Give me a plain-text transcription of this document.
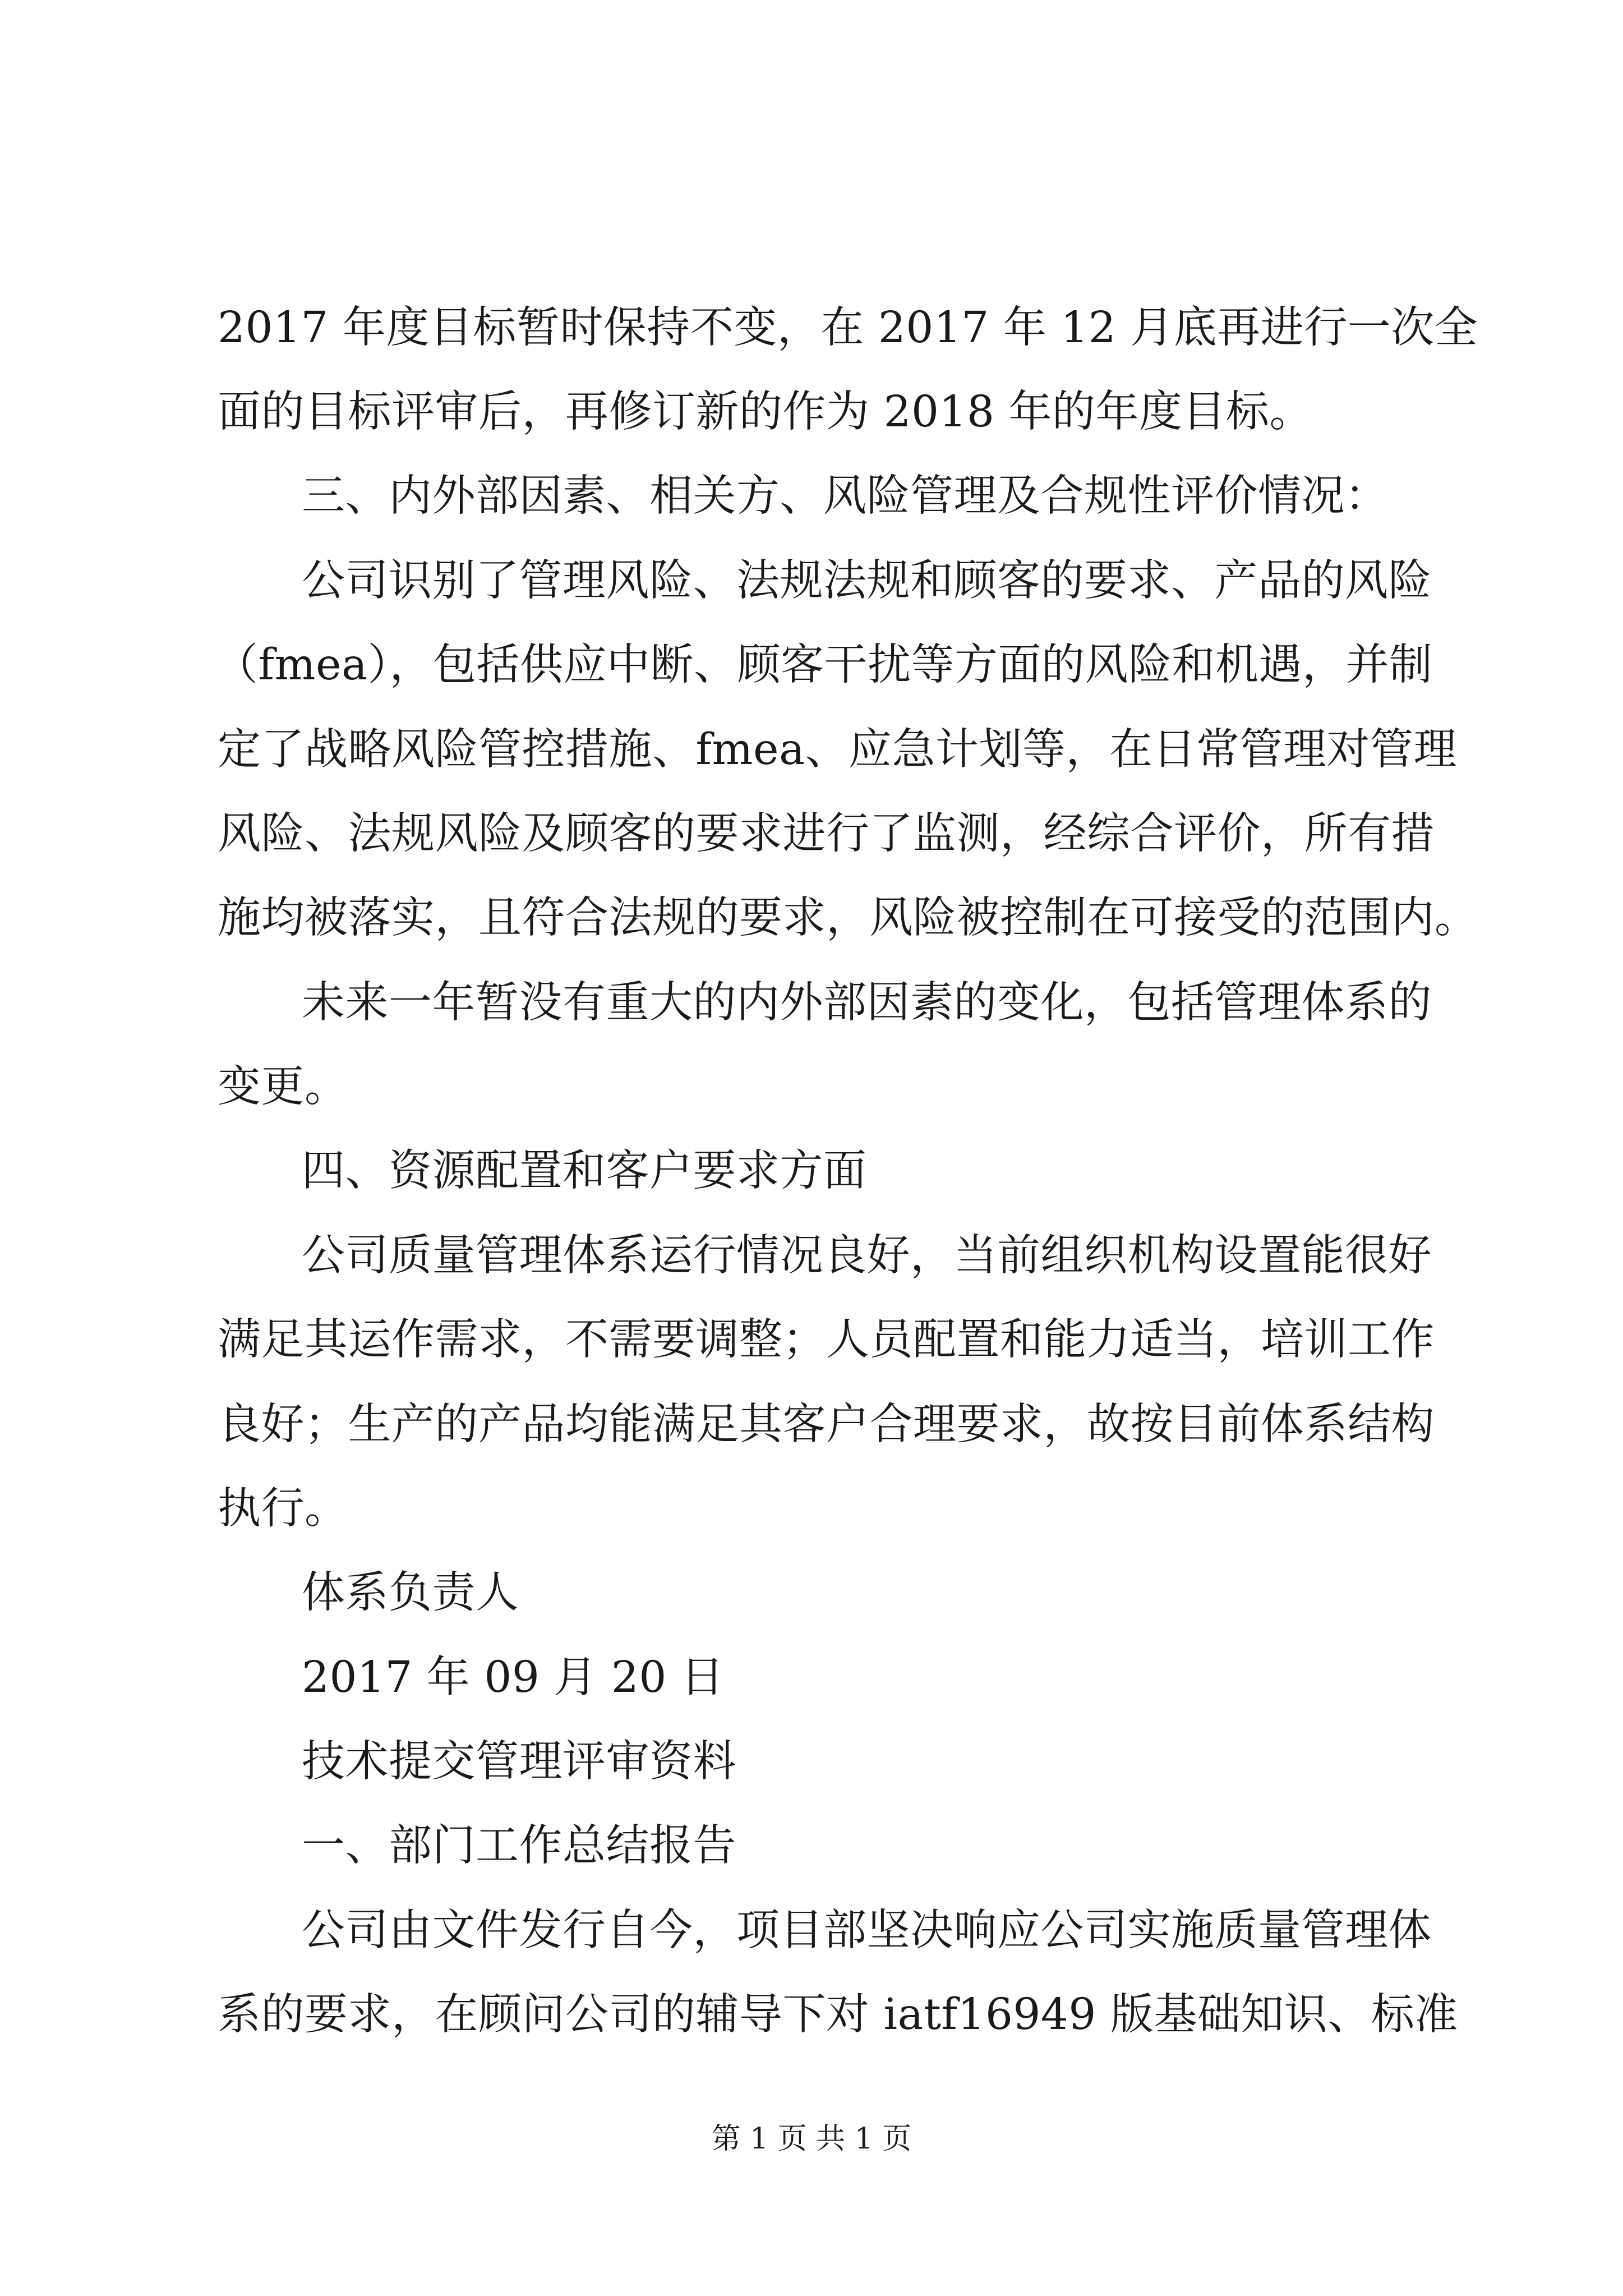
2017 年度目标暂时保持不变，在 2017 年 12 月底再进行一次全
面的目标评审后，再修订新的作为 2018 年的年度目标。
三、内外部因素、相关方、风险管理及合规性评价情况：
公司识别了管理风险、法规法规和顾客的要求、产品的风险
（fmea），包括供应中断、顾客干扰等方面的风险和机遇，并制
定了战略风险管控措施、fmea、应急计划等，在日常管理对管理
风险、法规风险及顾客的要求进行了监测，经综合评价，所有措
施均被落实，且符合法规的要求，风险被控制在可接受的范围内。
未来一年暂没有重大的内外部因素的变化，包括管理体系的
变更。
四、资源配置和客户要求方面
公司质量管理体系运行情况良好，当前组织机构设置能很好
满足其运作需求，不需要调整；人员配置和能力适当，培训工作
良好；生产的产品均能满足其客户合理要求，故按目前体系结构
执行。
体系负责人
2017 年 09 月 20 日
技术提交管理评审资料
一、部门工作总结报告
公司由文件发行自今，项目部坚决响应公司实施质量管理体
系的要求，在顾问公司的辅导下对 iatf16949 版基础知识、标准
第 1 页 共 1 页
